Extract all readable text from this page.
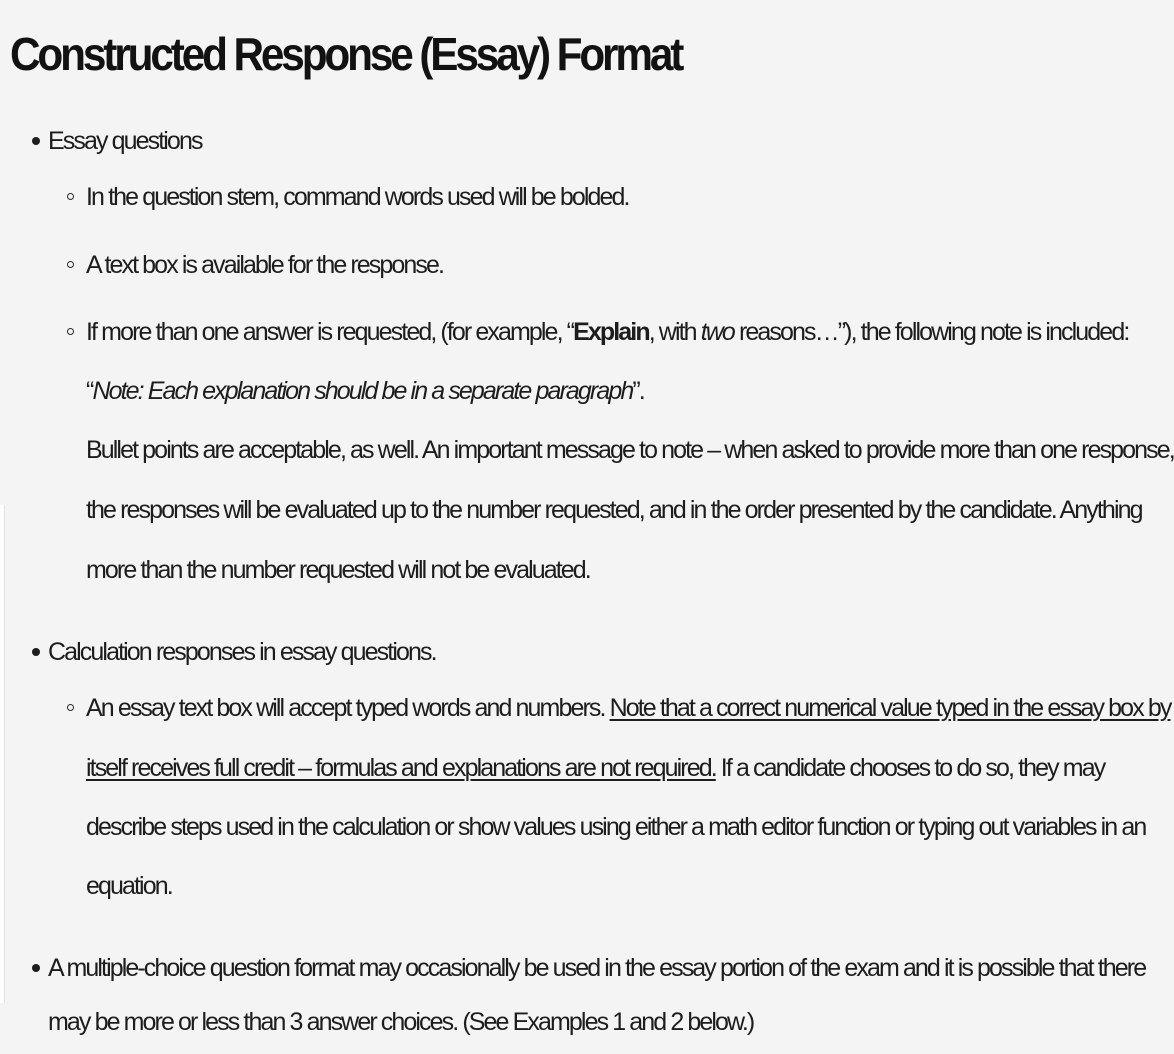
Constructed Response (Essay) Format
Essay questions
In the question stem, command words used will be bolded.
A text box is available for the response.
If more than one answer is requested, (for example, “Explain, with two reasons…”), the following note is included:
“Note: Each explanation should be in a separate paragraph”.
Bullet points are acceptable, as well. An important message to note – when asked to provide more than one response,
the responses will be evaluated up to the number requested, and in the order presented by the candidate. Anything
more than the number requested will not be evaluated.
Calculation responses in essay questions.
An essay text box will accept typed words and numbers. Note that a correct numerical value typed in the essay box by
itself receives full credit – formulas and explanations are not required. If a candidate chooses to do so, they may
describe steps used in the calculation or show values using either a math editor function or typing out variables in an
equation.
A multiple-choice question format may occasionally be used in the essay portion of the exam and it is possible that there
may be more or less than 3 answer choices. (See Examples 1 and 2 below.)
